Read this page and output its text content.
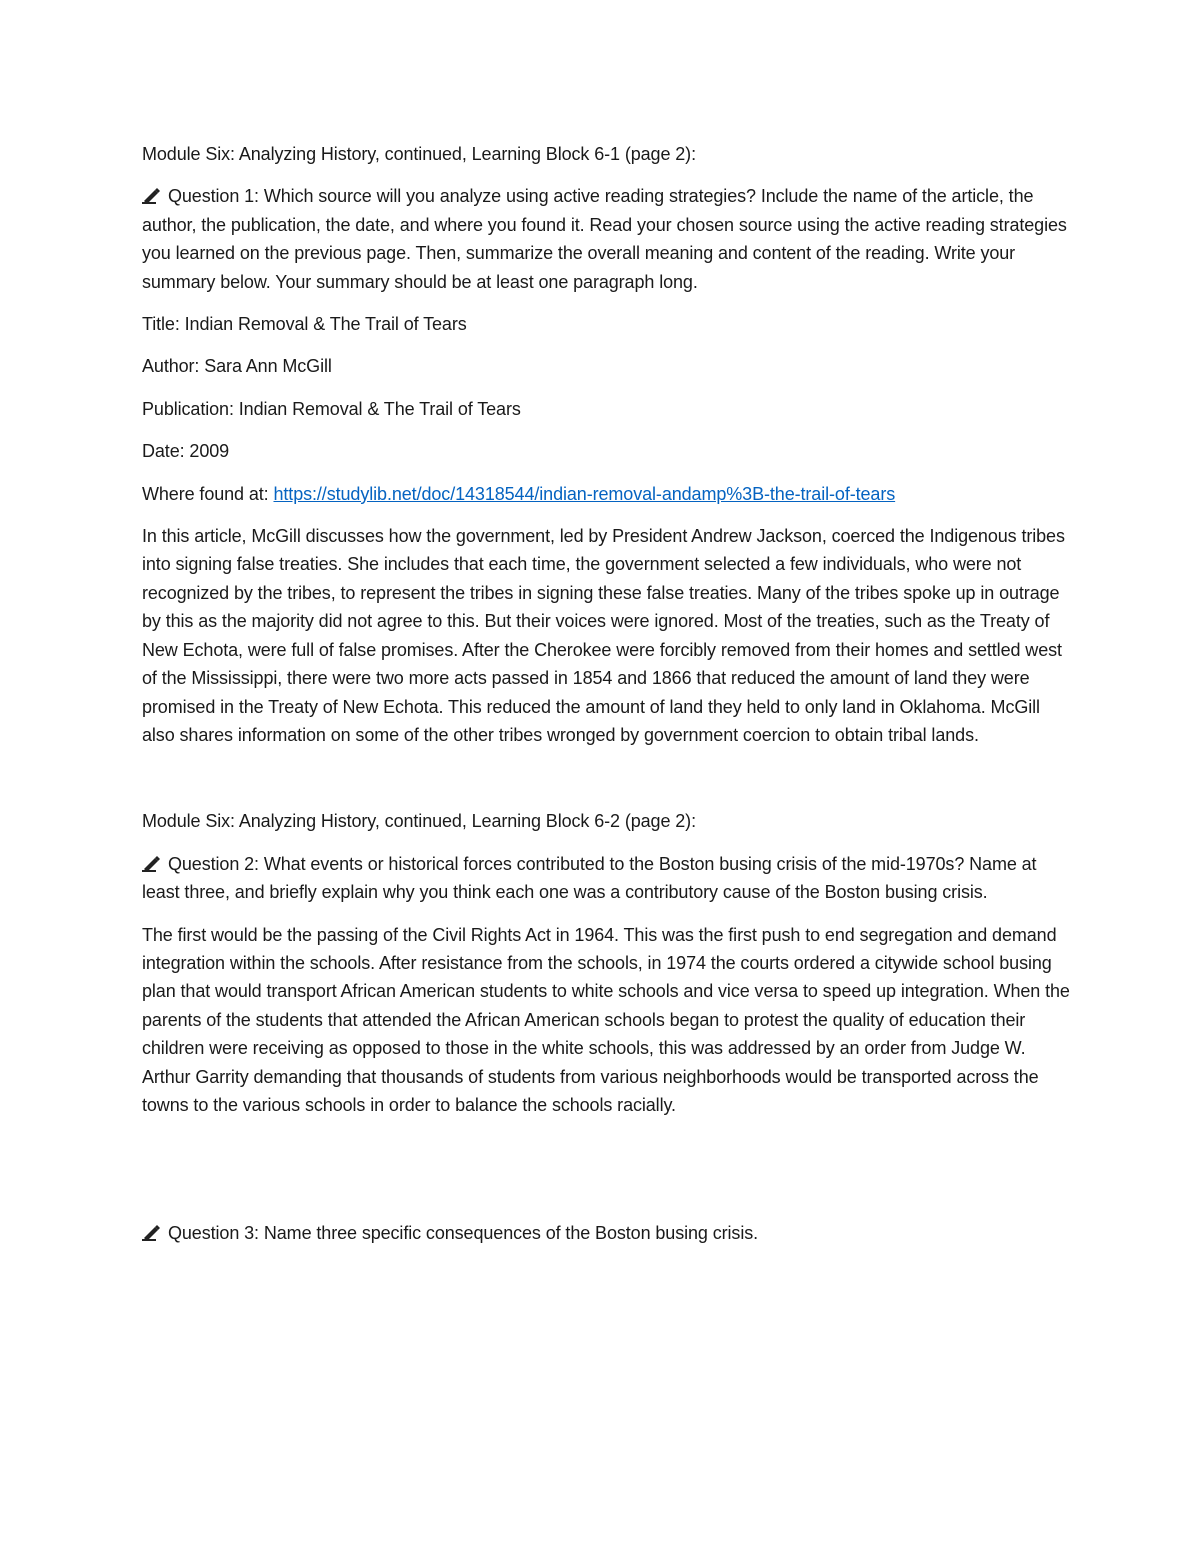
Module Six: Analyzing History, continued, Learning Block 6-1 (page 2):

Question 1: Which source will you analyze using active reading strategies? Include the name of the article, the author, the publication, the date, and where you found it. Read your chosen source using the active reading strategies you learned on the previous page. Then, summarize the overall meaning and content of the reading. Write your summary below. Your summary should be at least one paragraph long.

Title: Indian Removal & The Trail of Tears

Author: Sara Ann McGill

Publication: Indian Removal & The Trail of Tears

Date: 2009

Where found at: https://studylib.net/doc/14318544/indian-removal-andamp%3B-the-trail-of-tears

In this article, McGill discusses how the government, led by President Andrew Jackson, coerced the Indigenous tribes into signing false treaties. She includes that each time, the government selected a few individuals, who were not recognized by the tribes, to represent the tribes in signing these false treaties. Many of the tribes spoke up in outrage by this as the majority did not agree to this. But their voices were ignored. Most of the treaties, such as the Treaty of New Echota, were full of false promises. After the Cherokee were forcibly removed from their homes and settled west of the Mississippi, there were two more acts passed in 1854 and 1866 that reduced the amount of land they were promised in the Treaty of New Echota. This reduced the amount of land they held to only land in Oklahoma. McGill also shares information on some of the other tribes wronged by government coercion to obtain tribal lands.

Module Six: Analyzing History, continued, Learning Block 6-2 (page 2):

Question 2: What events or historical forces contributed to the Boston busing crisis of the mid-1970s? Name at least three, and briefly explain why you think each one was a contributory cause of the Boston busing crisis.

The first would be the passing of the Civil Rights Act in 1964. This was the first push to end segregation and demand integration within the schools. After resistance from the schools, in 1974 the courts ordered a citywide school busing plan that would transport African American students to white schools and vice versa to speed up integration. When the parents of the students that attended the African American schools began to protest the quality of education their children were receiving as opposed to those in the white schools, this was addressed by an order from Judge W. Arthur Garrity demanding that thousands of students from various neighborhoods would be transported across the towns to the various schools in order to balance the schools racially.

Question 3: Name three specific consequences of the Boston busing crisis.
